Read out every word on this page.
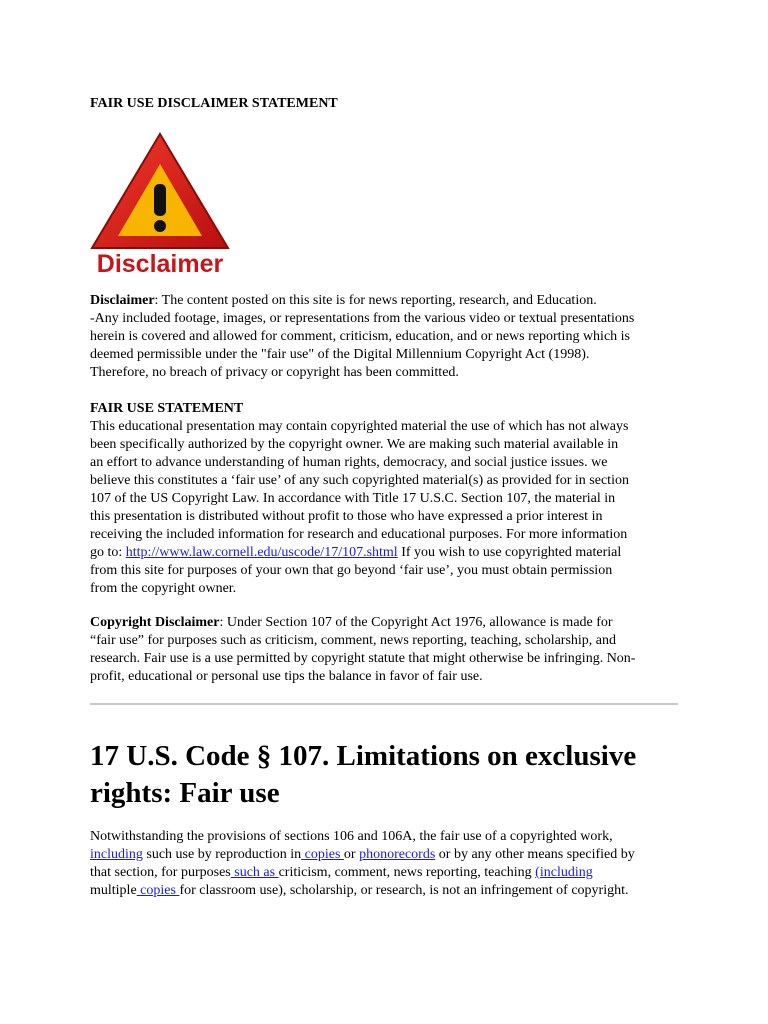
FAIR USE DISCLAIMER STATEMENT

Disclaimer

Disclaimer: The content posted on this site is for news reporting, research, and Education.
-Any included footage, images, or representations from the various video or textual presentations
herein is covered and allowed for comment, criticism, education, and or news reporting which is
deemed permissible under the "fair use" of the Digital Millennium Copyright Act (1998).
Therefore, no breach of privacy or copyright has been committed.

FAIR USE STATEMENT
This educational presentation may contain copyrighted material the use of which has not always
been specifically authorized by the copyright owner. We are making such material available in
an effort to advance understanding of human rights, democracy, and social justice issues. we
believe this constitutes a ‘fair use’ of any such copyrighted material(s) as provided for in section
107 of the US Copyright Law. In accordance with Title 17 U.S.C. Section 107, the material in
this presentation is distributed without profit to those who have expressed a prior interest in
receiving the included information for research and educational purposes. For more information
go to: http://www.law.cornell.edu/uscode/17/107.shtml If you wish to use copyrighted material
from this site for purposes of your own that go beyond ‘fair use’, you must obtain permission
from the copyright owner.

Copyright Disclaimer: Under Section 107 of the Copyright Act 1976, allowance is made for
“fair use” for purposes such as criticism, comment, news reporting, teaching, scholarship, and
research. Fair use is a use permitted by copyright statute that might otherwise be infringing. Non-
profit, educational or personal use tips the balance in favor of fair use.

17 U.S. Code § 107. Limitations on exclusive
rights: Fair use

Notwithstanding the provisions of sections 106 and 106A, the fair use of a copyrighted work,
including such use by reproduction in copies or phonorecords or by any other means specified by
that section, for purposes such as criticism, comment, news reporting, teaching (including
multiple copies for classroom use), scholarship, or research, is not an infringement of copyright.
